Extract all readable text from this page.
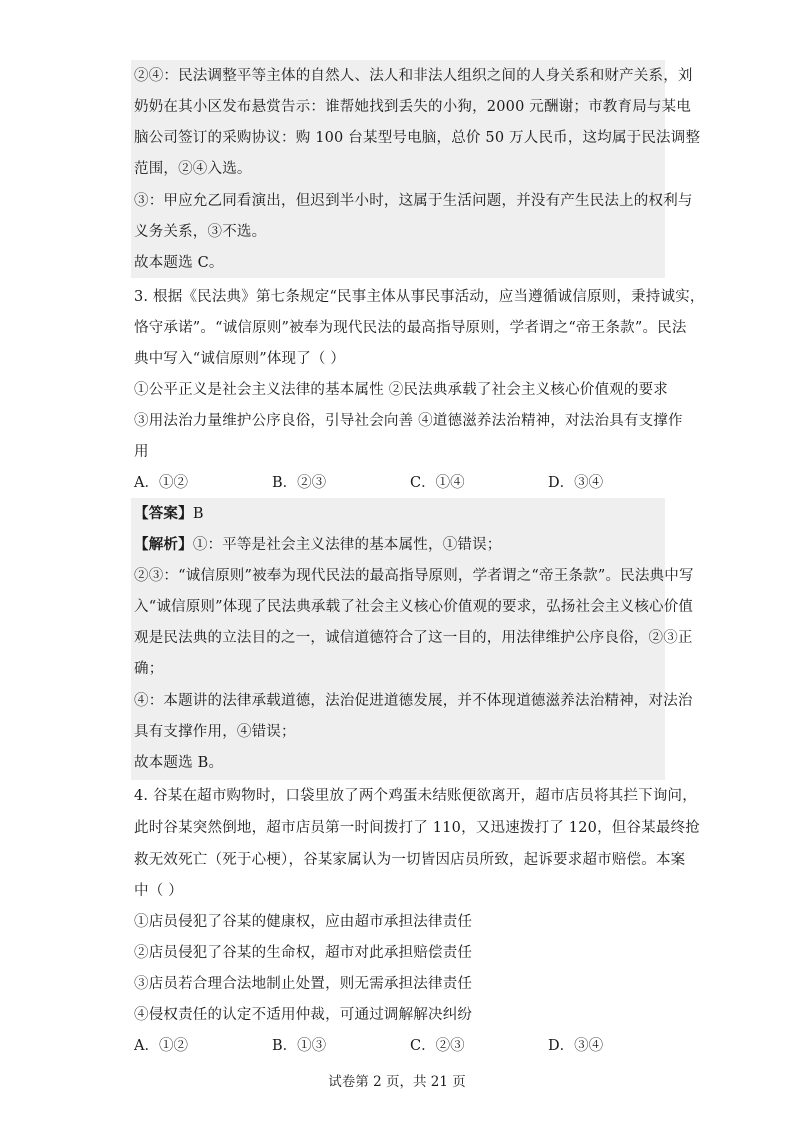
②④：民法调整平等主体的自然人、法人和非法人组织之间的人身关系和财产关系，刘
奶奶在其小区发布悬赏告示：谁帮她找到丢失的小狗，2000 元酬谢；市教育局与某电
脑公司签订的采购协议：购 100 台某型号电脑，总价 50 万人民币，这均属于民法调整
范围，②④入选。
③：甲应允乙同看演出，但迟到半小时，这属于生活问题，并没有产生民法上的权利与
义务关系，③不选。
故本题选 C。
3. 根据《民法典》第七条规定“民事主体从事民事活动，应当遵循诚信原则，秉持诚实，
恪守承诺”。“诚信原则”被奉为现代民法的最高指导原则，学者谓之“帝王条款”。民法
典中写入“诚信原则”体现了（ ）
①公平正义是社会主义法律的基本属性 ②民法典承载了社会主义核心价值观的要求
③用法治力量维护公序良俗，引导社会向善 ④道德滋养法治精神，对法治具有支撑作
用
A．①②	B．②③	C．①④	D．③④
【答案】B
【解析】①：平等是社会主义法律的基本属性，①错误；
②③：“诚信原则”被奉为现代民法的最高指导原则，学者谓之“帝王条款”。民法典中写
入“诚信原则”体现了民法典承载了社会主义核心价值观的要求，弘扬社会主义核心价值
观是民法典的立法目的之一，诚信道德符合了这一目的，用法律维护公序良俗，②③正
确；
④：本题讲的法律承载道德，法治促进道德发展，并不体现道德滋养法治精神，对法治
具有支撑作用，④错误；
故本题选 B。
4. 谷某在超市购物时，口袋里放了两个鸡蛋未结账便欲离开，超市店员将其拦下询问，
此时谷某突然倒地，超市店员第一时间拨打了 110，又迅速拨打了 120，但谷某最终抢
救无效死亡（死于心梗），谷某家属认为一切皆因店员所致，起诉要求超市赔偿。本案
中（ ）
①店员侵犯了谷某的健康权，应由超市承担法律责任
②店员侵犯了谷某的生命权，超市对此承担赔偿责任
③店员若合理合法地制止处置，则无需承担法律责任
④侵权责任的认定不适用仲裁，可通过调解解决纠纷
A．①②	B．①③	C．②③	D．③④
试卷第 2 页，共 21 页
